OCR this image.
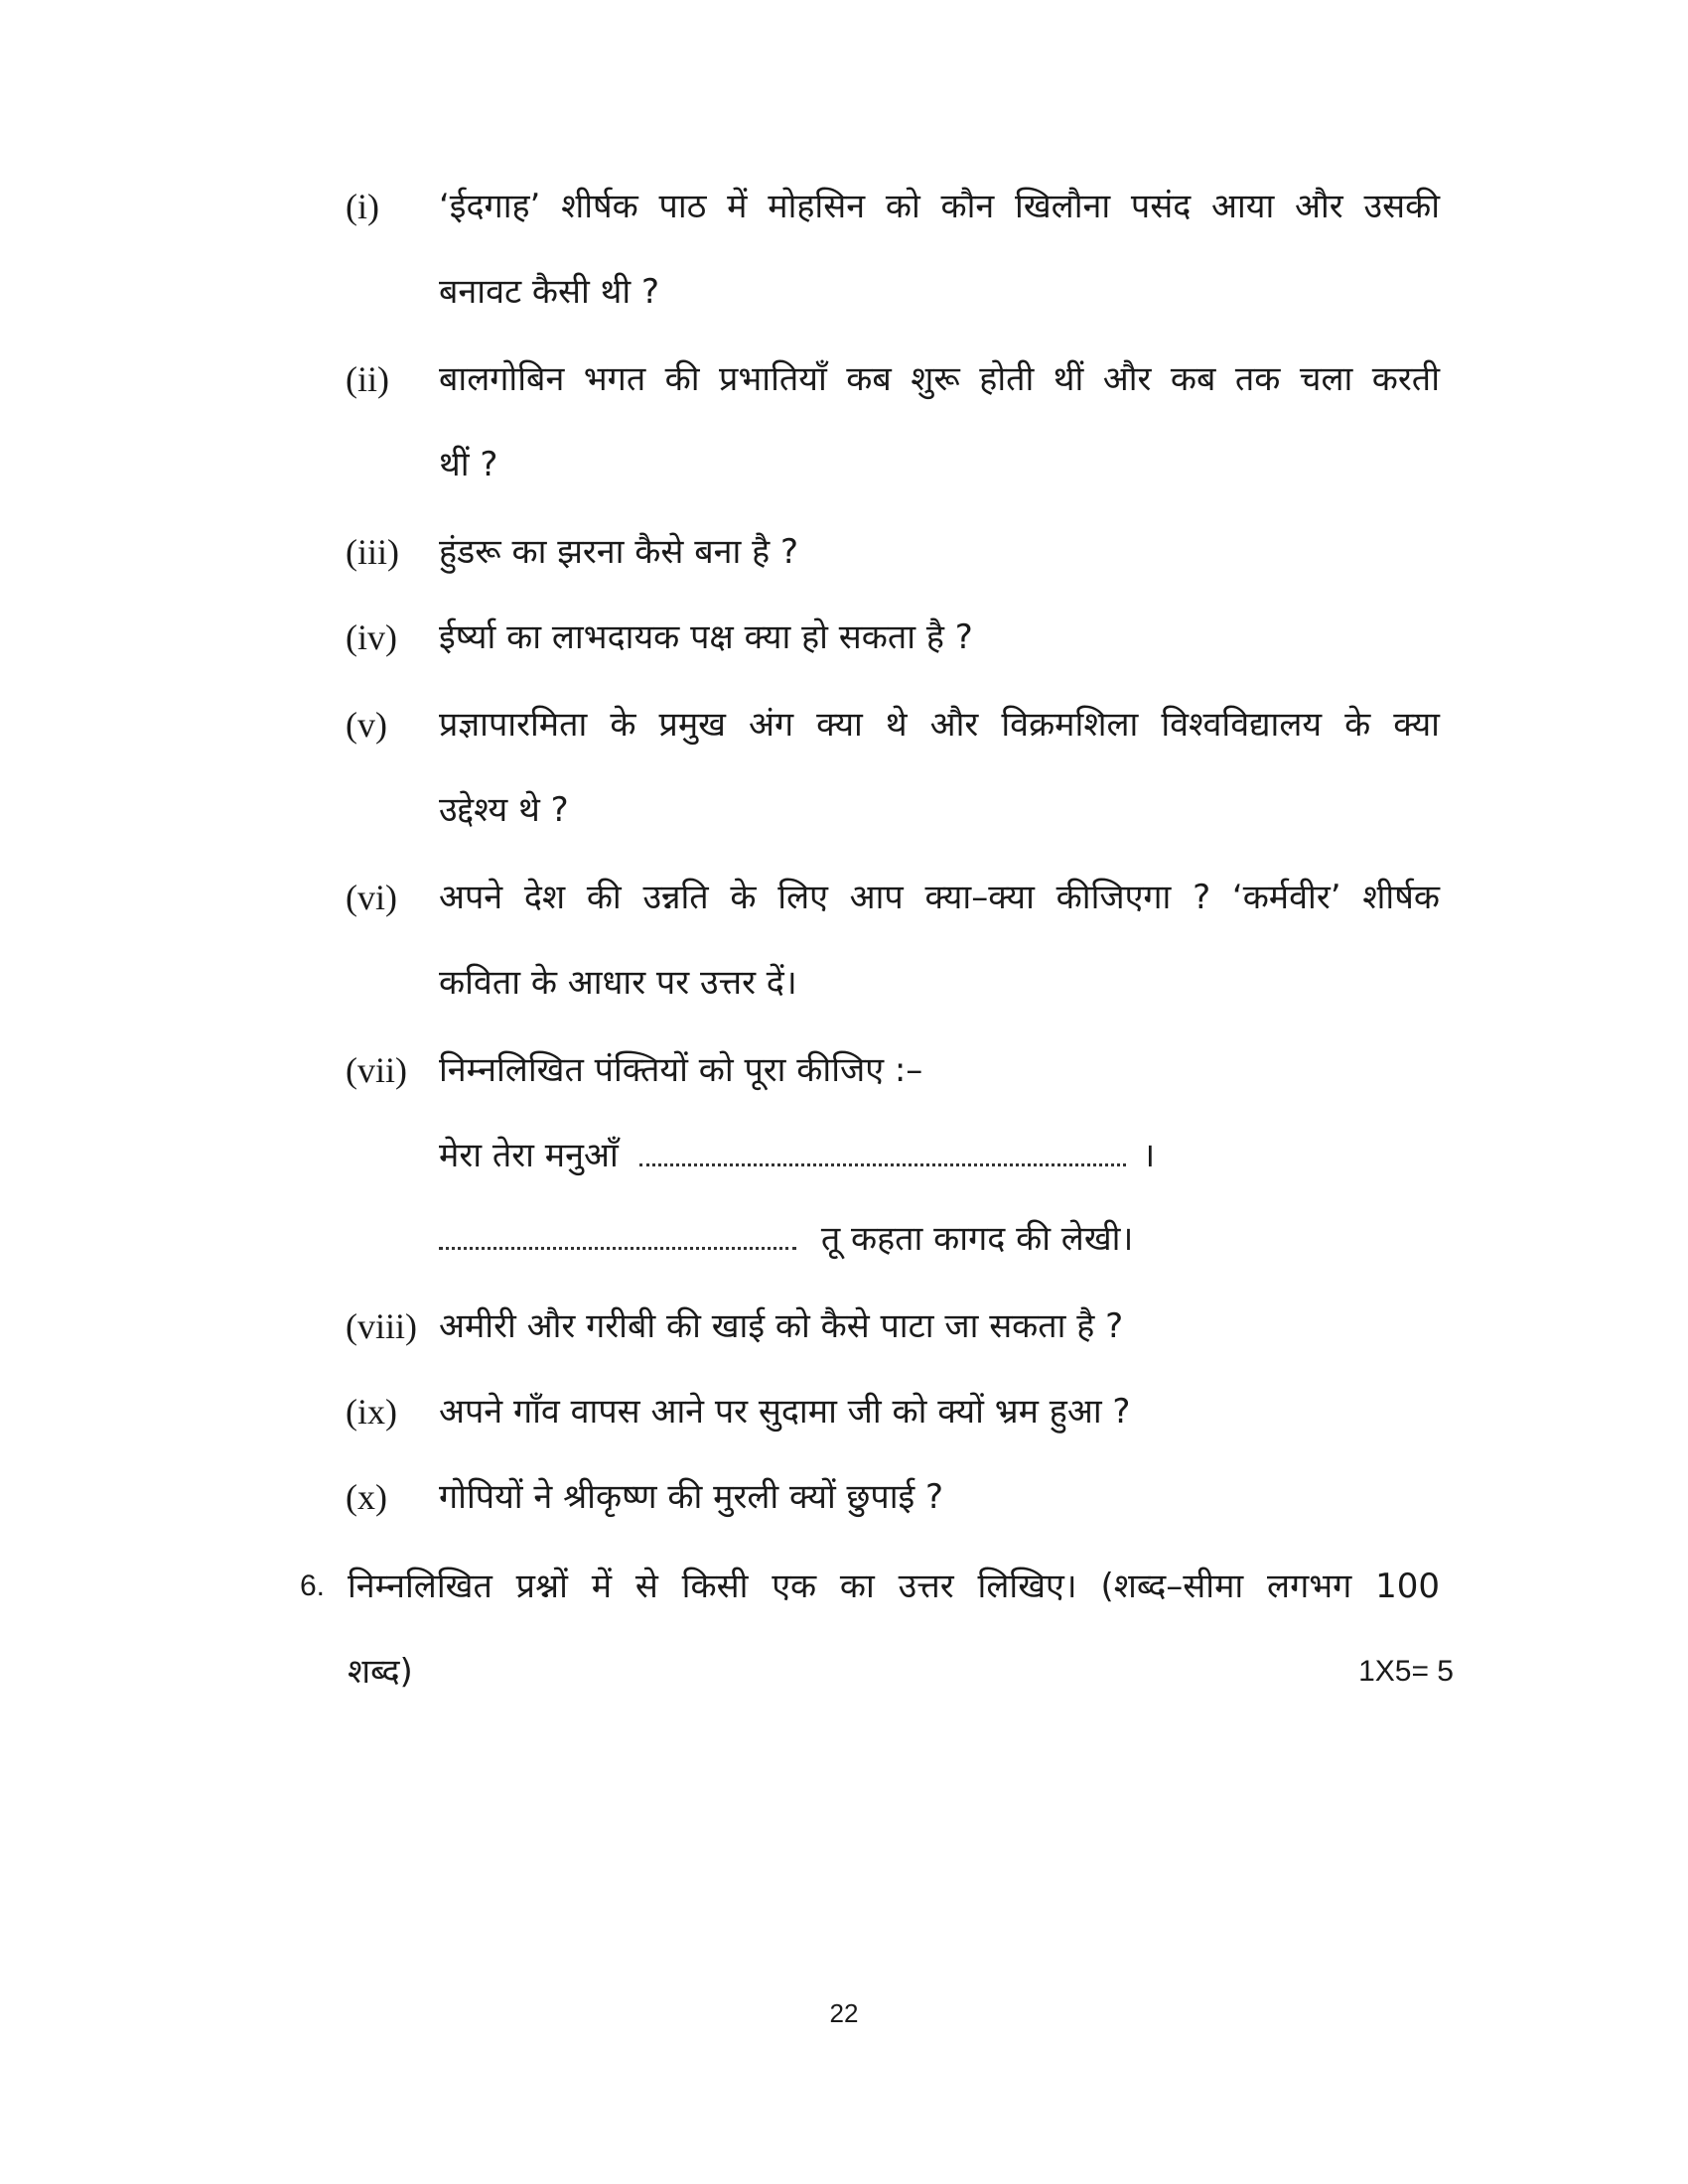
(i) ‘ईदगाह’ शीर्षक पाठ में मोहसिन को कौन खिलौना पसंद आया और उसकी
बनावट कैसी थी ?
(ii) बालगोबिन भगत की प्रभातियाँ कब शुरू होती थीं और कब तक चला करती
थीं ?
(iii) हुंडरू का झरना कैसे बना है ?
(iv) ईर्ष्या का लाभदायक पक्ष क्या हो सकता है ?
(v) प्रज्ञापारमिता के प्रमुख अंग क्या थे और विक्रमशिला विश्वविद्यालय के क्या
उद्देश्य थे ?
(vi) अपने देश की उन्नति के लिए आप क्या–क्या कीजिएगा ? ‘कर्मवीर’ शीर्षक
कविता के आधार पर उत्तर दें।
(vii) निम्नलिखित पंक्तियों को पूरा कीजिए :–
मेरा तेरा मनुआँ	।
तू कहता कागद की लेखी।
(viii) अमीरी और गरीबी की खाई को कैसे पाटा जा सकता है ?
(ix) अपने गाँव वापस आने पर सुदामा जी को क्यों भ्रम हुआ ?
(x) गोपियों ने श्रीकृष्ण की मुरली क्यों छुपाई ?
6. निम्नलिखित प्रश्नों में से किसी एक का उत्तर लिखिए। (शब्द–सीमा लगभग 100
शब्द)	1X5= 5
22
